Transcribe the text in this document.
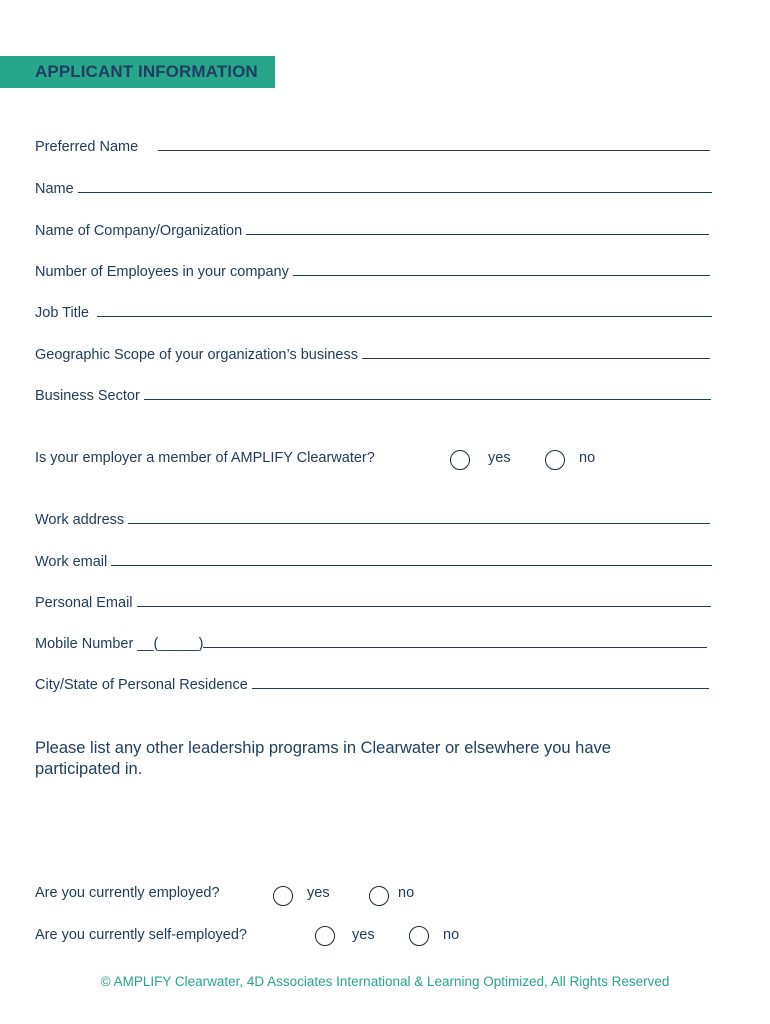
APPLICANT INFORMATION
Preferred Name
Name
Name of Company/Organization
Number of Employees in your company
Job Title
Geographic Scope of your organization’s business
Business Sector
Is your employer a member of AMPLIFY Clearwater?	yes	no
Work address
Work email
Personal Email
Mobile Number __(_____)
City/State of Personal Residence
Please list any other leadership programs in Clearwater or elsewhere you have participated in.
Are you currently employed?	yes	no
Are you currently self-employed?	yes	no
© AMPLIFY Clearwater, 4D Associates International & Learning Optimized, All Rights Reserved
